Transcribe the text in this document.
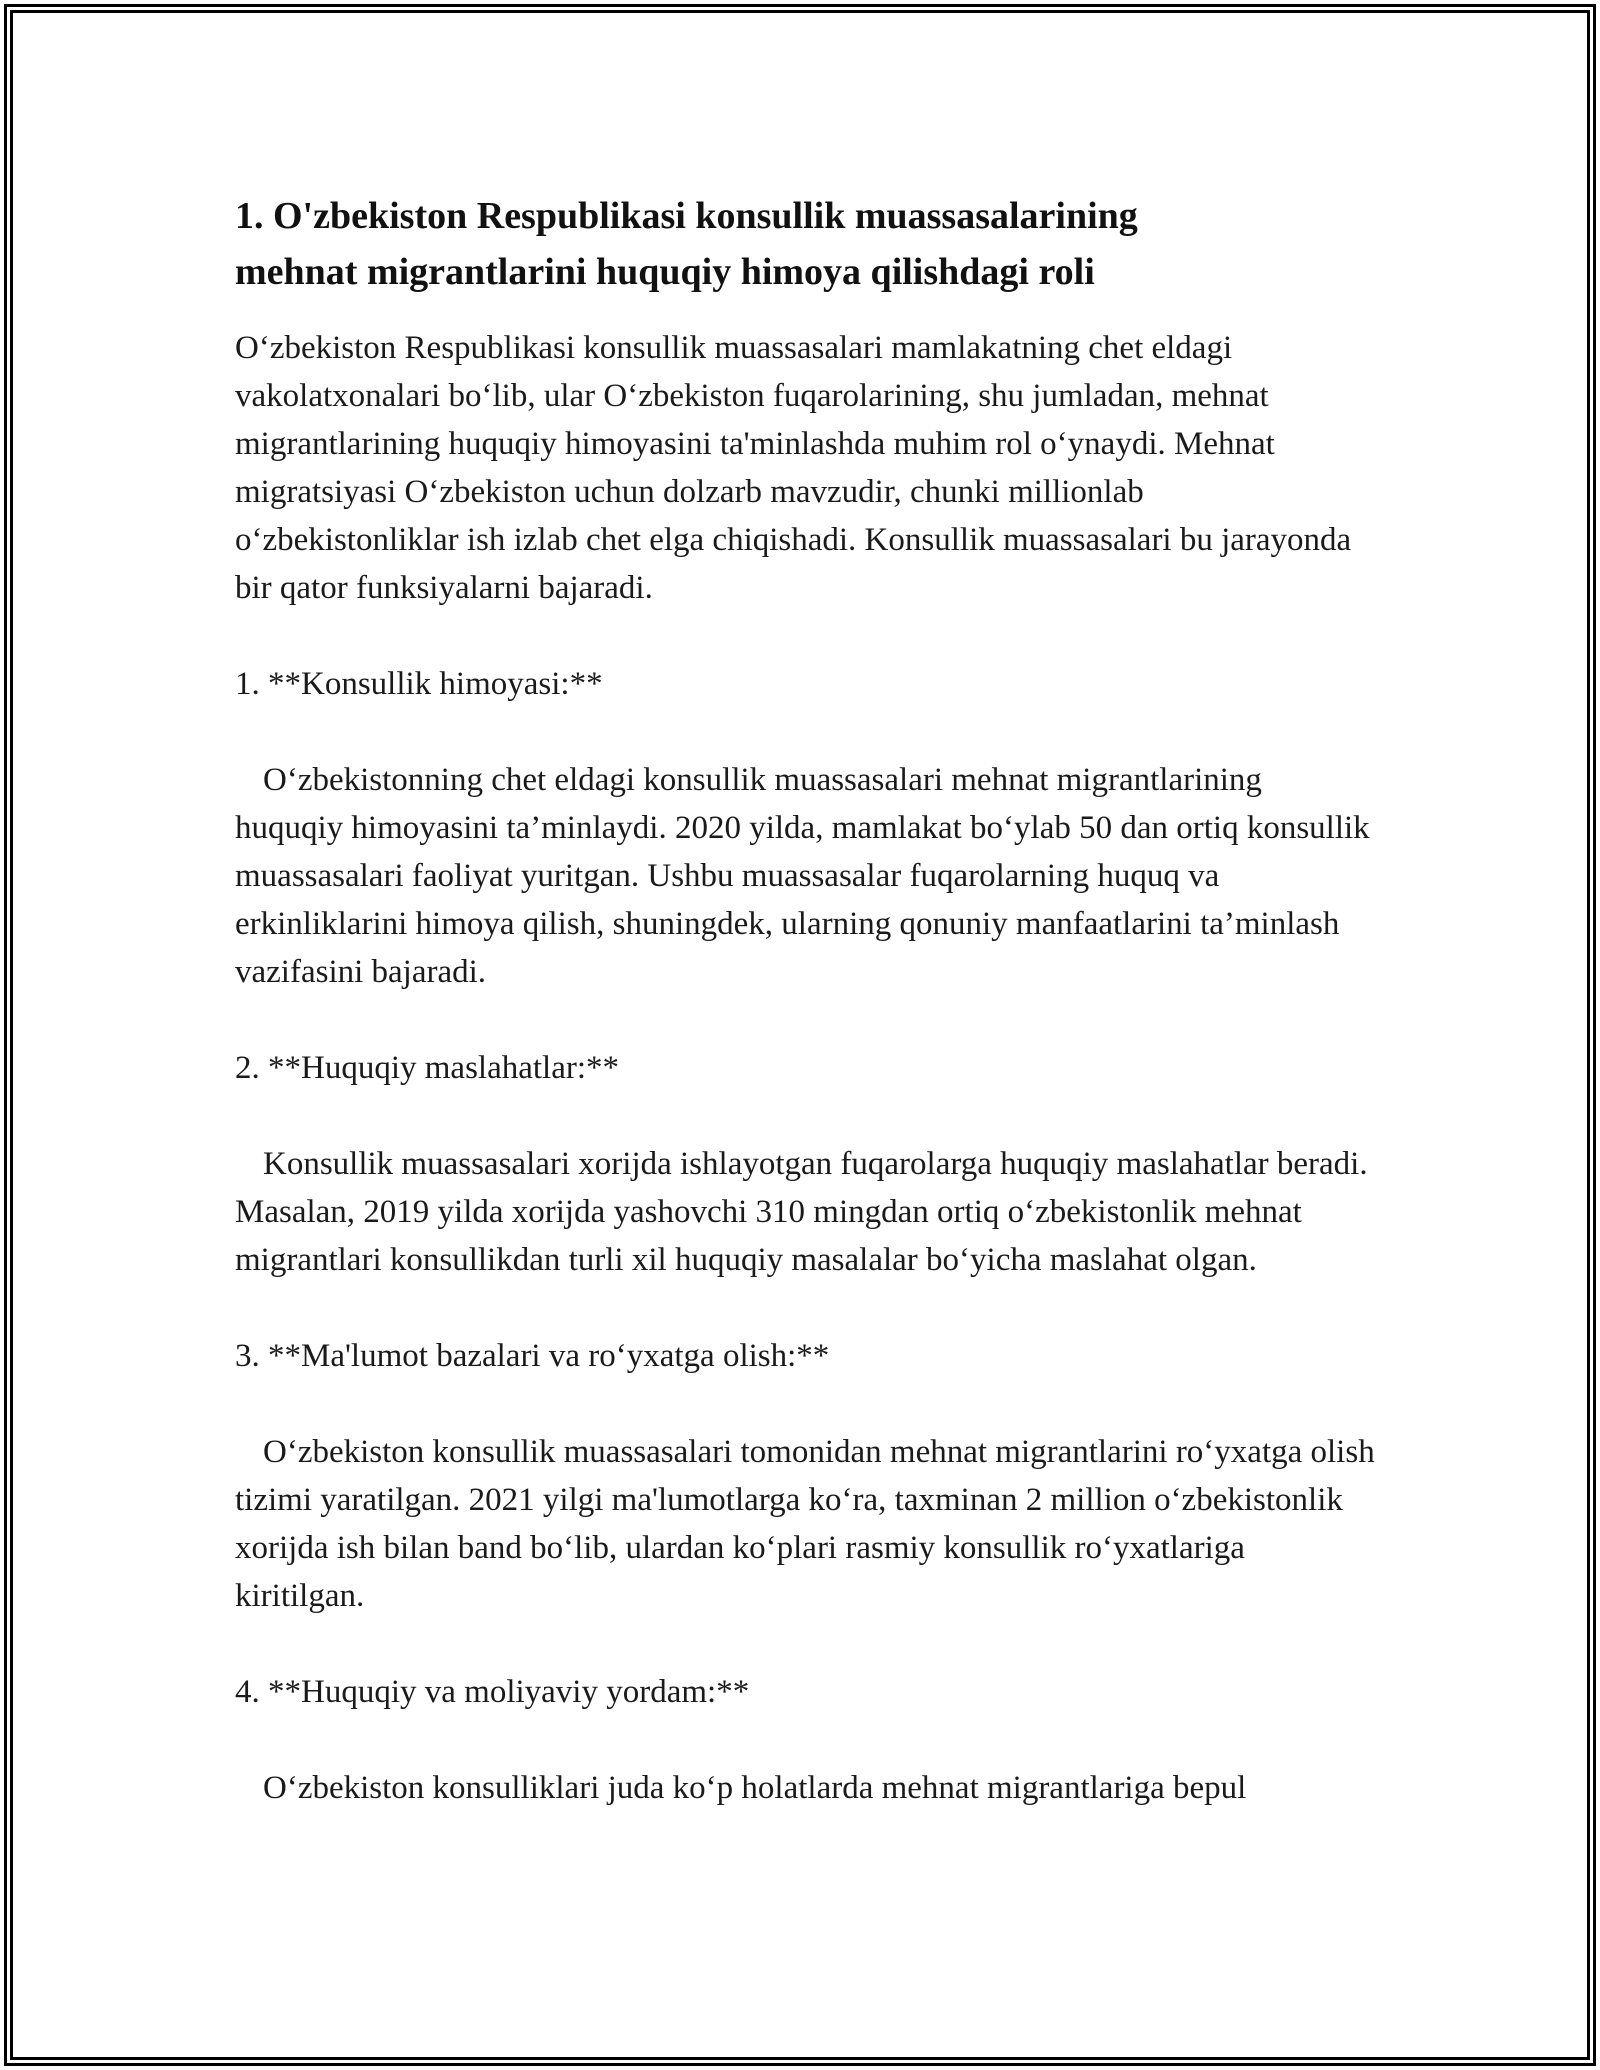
1. O'zbekiston Respublikasi konsullik muassasalarining
mehnat migrantlarini huquqiy himoya qilishdagi roli

O‘zbekiston Respublikasi konsullik muassasalari mamlakatning chet eldagi vakolatxonalari bo‘lib, ular O‘zbekiston fuqarolarining, shu jumladan, mehnat migrantlarining huquqiy himoyasini ta'minlashda muhim rol o‘ynaydi. Mehnat migratsiyasi O‘zbekiston uchun dolzarb mavzudir, chunki millionlab o‘zbekistonliklar ish izlab chet elga chiqishadi. Konsullik muassasalari bu jarayonda bir qator funksiyalarni bajaradi.

1. **Konsullik himoyasi:**

O‘zbekistonning chet eldagi konsullik muassasalari mehnat migrantlarining huquqiy himoyasini ta’minlaydi. 2020 yilda, mamlakat bo‘ylab 50 dan ortiq konsullik muassasalari faoliyat yuritgan. Ushbu muassasalar fuqarolarning huquq va erkinliklarini himoya qilish, shuningdek, ularning qonuniy manfaatlarini ta’minlash vazifasini bajaradi.

2. **Huquqiy maslahatlar:**

Konsullik muassasalari xorijda ishlayotgan fuqarolarga huquqiy maslahatlar beradi. Masalan, 2019 yilda xorijda yashovchi 310 mingdan ortiq o‘zbekistonlik mehnat migrantlari konsullikdan turli xil huquqiy masalalar bo‘yicha maslahat olgan.

3. **Ma'lumot bazalari va ro‘yxatga olish:**

O‘zbekiston konsullik muassasalari tomonidan mehnat migrantlarini ro‘yxatga olish tizimi yaratilgan. 2021 yilgi ma'lumotlarga ko‘ra, taxminan 2 million o‘zbekistonlik xorijda ish bilan band bo‘lib, ulardan ko‘plari rasmiy konsullik ro‘yxatlariga kiritilgan.

4. **Huquqiy va moliyaviy yordam:**

O‘zbekiston konsulliklari juda ko‘p holatlarda mehnat migrantlariga bepul
